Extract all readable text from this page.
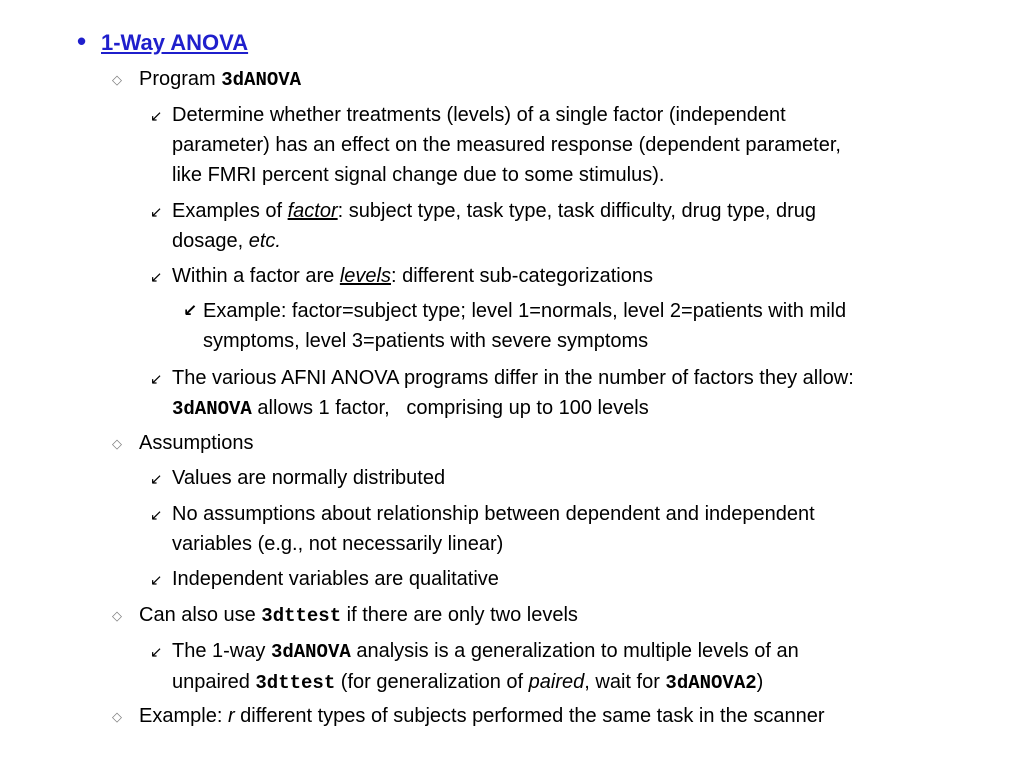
• 1-Way ANOVA
◇ Program 3dANOVA
↙ Determine whether treatments (levels) of a single factor (independent
parameter) has an effect on the measured response (dependent parameter,
like FMRI percent signal change due to some stimulus).
↙ Examples of factor: subject type, task type, task difficulty, drug type, drug
dosage, etc.
↙ Within a factor are levels: different sub-categorizations
↙ Example: factor=subject type; level 1=normals, level 2=patients with mild
symptoms, level 3=patients with severe symptoms
↙ The various AFNI ANOVA programs differ in the number of factors they allow:
3dANOVA allows 1 factor,   comprising up to 100 levels
◇ Assumptions
↙ Values are normally distributed
↙ No assumptions about relationship between dependent and independent
variables (e.g., not necessarily linear)
↙ Independent variables are qualitative
◇ Can also use 3dttest if there are only two levels
↙ The 1-way 3dANOVA analysis is a generalization to multiple levels of an
unpaired 3dttest (for generalization of paired, wait for 3dANOVA2)
◇ Example: r different types of subjects performed the same task in the scanner
